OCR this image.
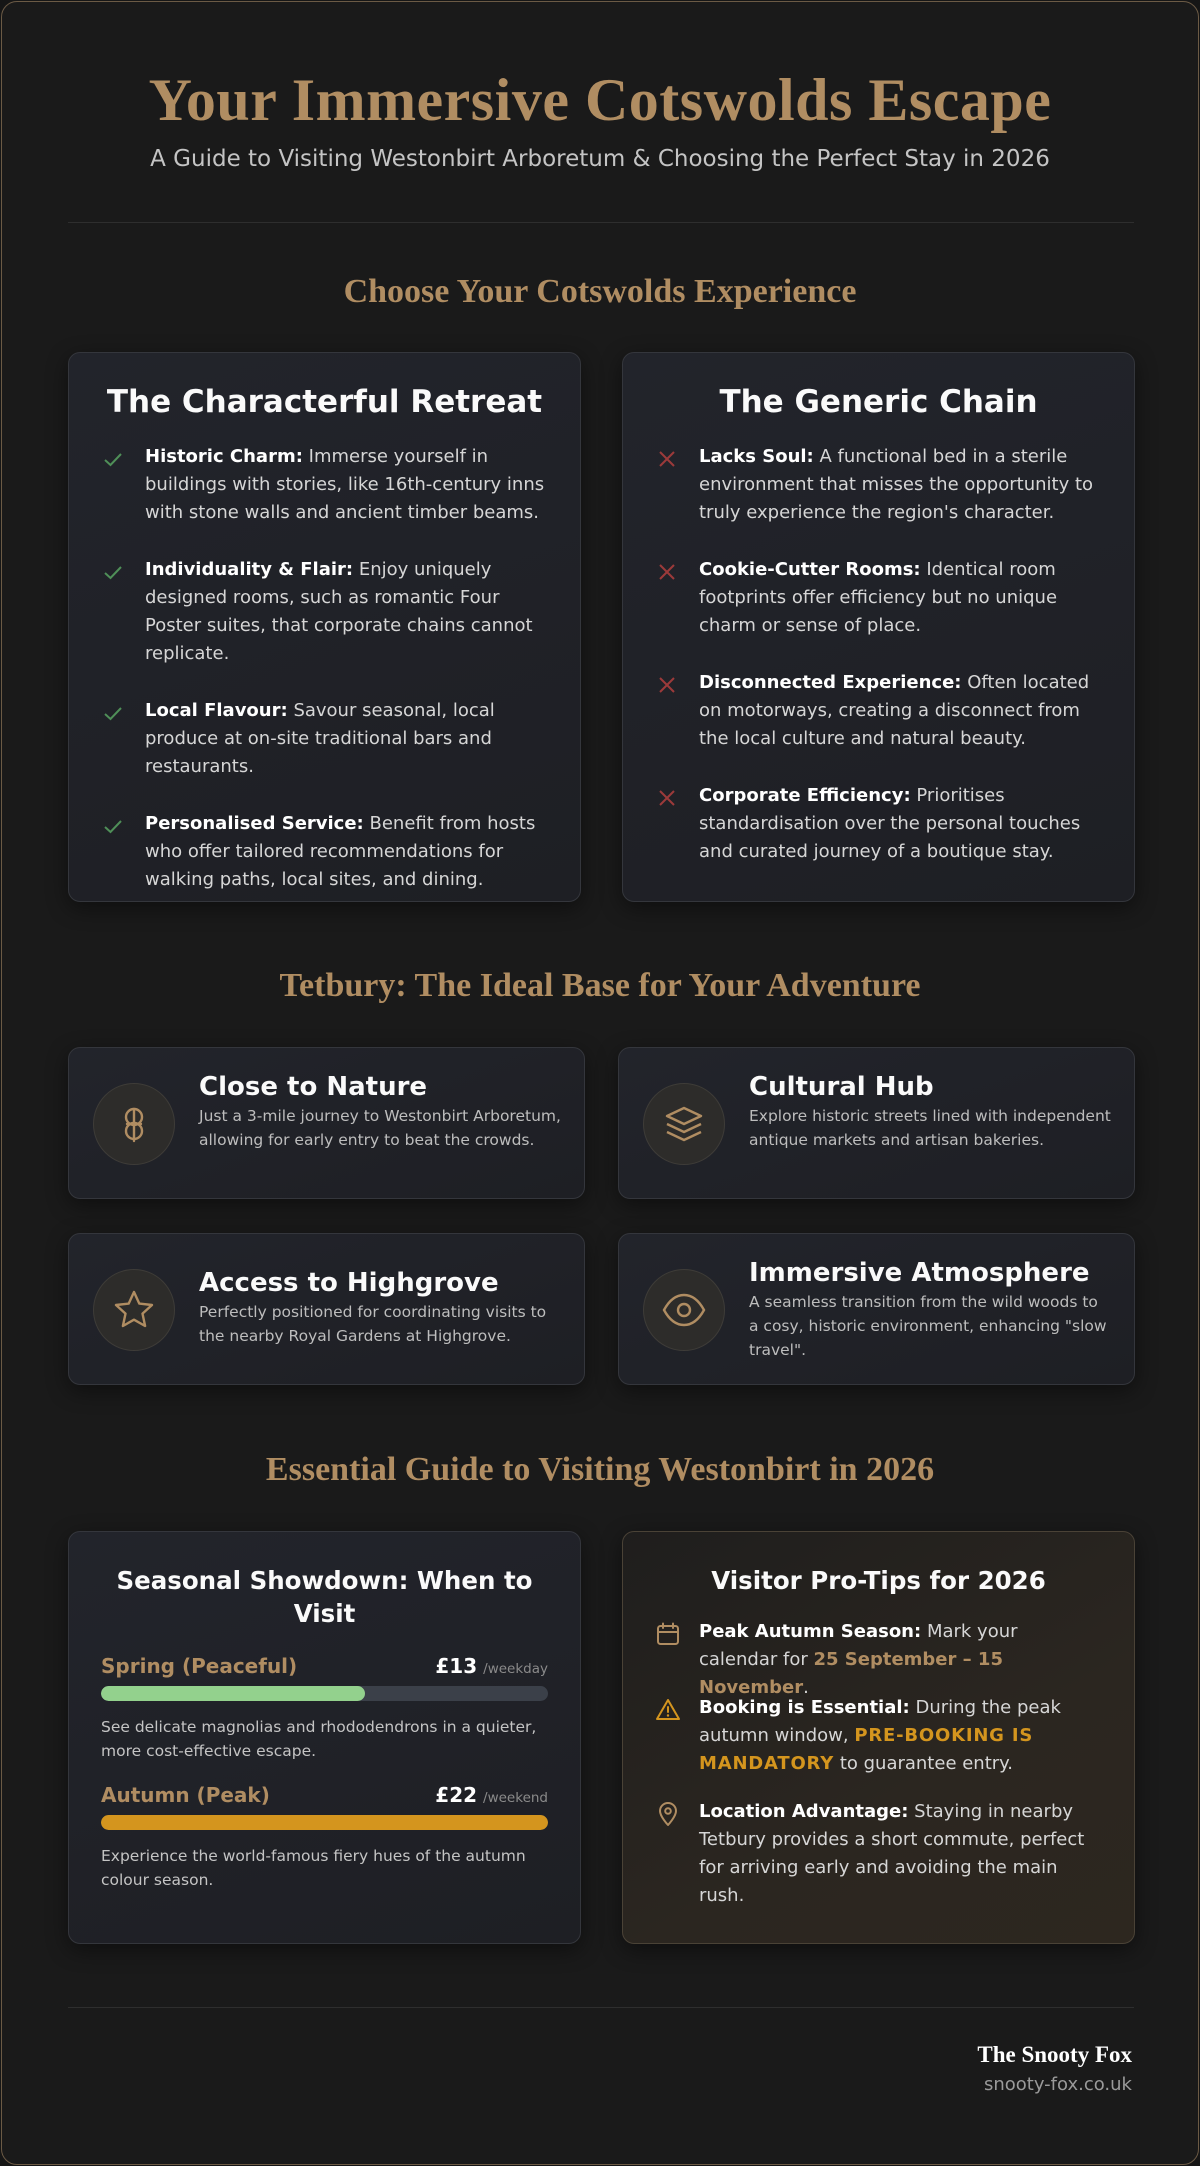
Your Immersive Cotswolds Escape
A Guide to Visiting Westonbirt Arboretum & Choosing the Perfect Stay in 2026
Choose Your Cotswolds Experience
The Characterful Retreat
Historic Charm: Immerse yourself in buildings with stories, like 16th-century inns with stone walls and ancient timber beams.
Individuality & Flair: Enjoy uniquely designed rooms, such as romantic Four Poster suites, that corporate chains cannot replicate.
Local Flavour: Savour seasonal, local produce at on-site traditional bars and restaurants.
Personalised Service: Benefit from hosts who offer tailored recommendations for walking paths, local sites, and dining.
The Generic Chain
Lacks Soul: A functional bed in a sterile environment that misses the opportunity to truly experience the region's character.
Cookie-Cutter Rooms: Identical room footprints offer efficiency but no unique charm or sense of place.
Disconnected Experience: Often located on motorways, creating a disconnect from the local culture and natural beauty.
Corporate Efficiency: Prioritises standardisation over the personal touches and curated journey of a boutique stay.
Tetbury: The Ideal Base for Your Adventure
Close to Nature
Just a 3-mile journey to Westonbirt Arboretum, allowing for early entry to beat the crowds.
Cultural Hub
Explore historic streets lined with independent antique markets and artisan bakeries.
Access to Highgrove
Perfectly positioned for coordinating visits to the nearby Royal Gardens at Highgrove.
Immersive Atmosphere
A seamless transition from the wild woods to a cosy, historic environment, enhancing "slow travel".
Essential Guide to Visiting Westonbirt in 2026
Seasonal Showdown: When to Visit
Spring (Peaceful)	£13 /weekday
See delicate magnolias and rhododendrons in a quieter, more cost-effective escape.
Autumn (Peak)	£22 /weekend
Experience the world-famous fiery hues of the autumn colour season.
Visitor Pro-Tips for 2026
Peak Autumn Season: Mark your calendar for 25 September – 15 November.
Booking is Essential: During the peak autumn window, PRE-BOOKING IS MANDATORY to guarantee entry.
Location Advantage: Staying in nearby Tetbury provides a short commute, perfect for arriving early and avoiding the main rush.
The Snooty Fox
snooty-fox.co.uk
